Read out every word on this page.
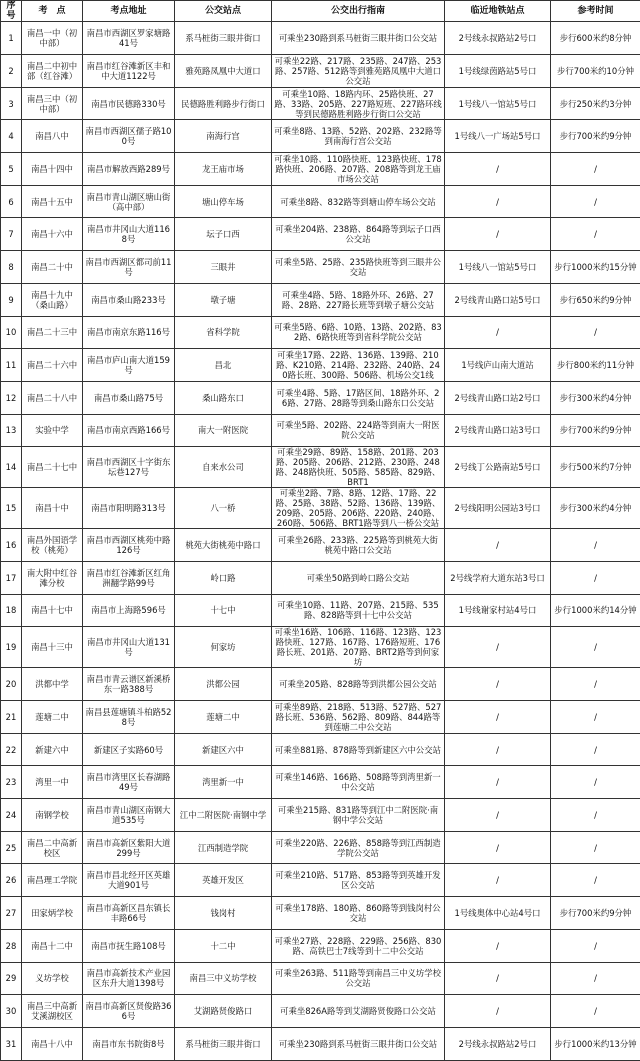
序号	考　点	考点地址	公交站点	公交出行指南	临近地铁站点	参考时间
1	南昌一中（初中部）	南昌市西湖区罗家塘路41号	系马桩街三眼井街口	可乘坐230路到系马桩街三眼井街口公交站	2号线永叔路站2号口	步行600米约8分钟
2	南昌二中初中部（红谷滩）	南昌市红谷滩新区丰和中大道1122号	雅苑路凤凰中大道口	可乘坐22路、217路、235路、247路、253路、257路、512路等到雅苑路凤凰中大道口公交站	1号线绿茵路站5号口	步行700米约10分钟
3	南昌三中（初中部）	南昌市民德路330号	民德路胜利路步行街口	可乘坐10路、18路内环、25路快班、27路、33路、205路、227路短班、227路环线等到民德路胜利路步行街口公交站	1号线八一馆站5号口	步行250米约3分钟
4	南昌八中	南昌市西湖区孺子路100号	南海行宫	可乘坐8路、13路、52路、202路、232路等到南海行宫公交站	1号线八一广场站5号口	步行700米约9分钟
5	南昌十四中	南昌市解放西路289号	龙王庙市场	可乘坐10路、110路快班、123路快班、178路快班、206路、207路、208路等到龙王庙市场公交站	/	/
6	南昌十五中	南昌市青山湖区塘山街（高中部）	塘山停车场	可乘坐8路、832路等到塘山停车场公交站	/	/
7	南昌十六中	南昌市井冈山大道1168号	坛子口西	可乘坐204路、238路、864路等到坛子口西公交站	/	/
8	南昌二十中	南昌市西湖区都司前11号	三眼井	可乘坐5路、25路、235路快班等到三眼井公交站	1号线八一馆站5号口	步行1000米约15分钟
9	南昌十九中（桑山路）	南昌市桑山路233号	墩子塘	可乘坐4路、5路、18路外环、26路、27路、28路、227路长班等到墩子塘公交站	2号线青山路口站5号口	步行650米约9分钟
10	南昌二十三中	南昌市南京东路116号	省科学院	可乘坐5路、6路、10路、13路、202路、832路、6路快班等到省科学院公交站	/	/
11	南昌二十六中	南昌市庐山南大道159号	昌北	可乘坐17路、22路、136路、139路、210路、K210路、214路、232路、240路、240路长班、300路、506路、机场公交1线	1号线庐山南大道站	步行800米约11分钟
12	南昌二十八中	南昌市桑山路75号	桑山路东口	可乘坐4路、5路、17路区间、18路外环、26路、27路、28路等到桑山路东口公交站	2号线青山路口站2号口	步行300米约4分钟
13	实验中学	南昌市南京西路166号	南大一附医院	可乘坐5路、202路、224路等到南大一附医院公交站	2号线青山路口站3号口	步行700米约9分钟
14	南昌二十七中	南昌市西湖区十字街东坛巷127号	自来水公司	可乘坐29路、89路、158路、201路、203路、205路、206路、212路、230路、248路、248路快班、505路、585路、829路、BRT1	2号线丁公路南站5号口	步行500米约7分钟
15	南昌十中	南昌市阳明路313号	八一桥	可乘坐2路、7路、8路、12路、17路、22路、25路、38路、52路、136路、139路、209路、205路、206路、220路、240路、260路、506路、BRT1路等到八一桥公交站	2号线阳明公园站3号口	步行300米约4分钟
16	南昌外国语学校（桃苑）	南昌市西湖区桃苑中路126号	桃苑大街桃苑中路口	可乘坐26路、233路、225路等到桃苑大街桃苑中路口公交站	/	/
17	南大附中红谷滩分校	南昌市红谷滩新区红角洲翻学路99号	岭口路	可乘坐50路到岭口路公交站	2号线学府大道东站3号口	/
18	南昌十七中	南昌市上海路596号	十七中	可乘坐10路、11路、207路、215路、535路、828路等到十七中公交站	1号线谢家村站4号口	步行1000米约14分钟
19	南昌十三中	南昌市井冈山大道131号	何家坊	可乘坐16路、106路、116路、123路、123路快班、127路、167路、176路短班、176路长班、201路、207路、BRT2路等到何家坊	/	/
20	洪都中学	南昌市青云谱区新溪桥东一路388号	洪都公园	可乘坐205路、828路等到洪都公园公交站	/	/
21	莲塘二中	南昌县莲塘镇斗柏路528号	莲塘二中	可乘坐89路、218路、513路、527路、527路长班、536路、562路、809路、844路等到莲塘二中公交站	/	/
22	新建六中	新建区子实路60号	新建区六中	可乘坐881路、878路等到新建区六中公交站	/	/
23	湾里一中	南昌市湾里区长春湖路49号	湾里新一中	可乘坐146路、166路、508路等到湾里新一中公交站	/	/
24	南钢学校	南昌市青山湖区南钢大道535号	江中二附医院·南钢中学	可乘坐215路、831路等到江中二附医院·南钢中学公交站	/	/
25	南昌二中高新校区	南昌市高新区紫阳大道299号	江西制造学院	可乘坐220路、226路、858路等到江西制造学院公交站	/	/
26	南昌理工学院	南昌市昌北经开区英雄大道901号	英雄开发区	可乘坐210路、517路、853路等到英雄开发区公交站	/	/
27	田家炳学校	南昌市高新区昌东镇长丰路66号	钱岗村	可乘坐178路、180路、860路等到钱岗村公交站	1号线奥体中心站4号口	步行700米约9分钟
28	南昌十二中	南昌市抚生路108号	十二中	可乘坐27路、228路、229路、256路、830路、高铁巴士7线等到十二中公交站	/	/
29	义坊学校	南昌市高新技术产业园区东升大道1398号	南昌三中义坊学校	可乘坐263路、511路等到南昌三中义坊学校公交站	/	/
30	南昌三中高新艾溪湖校区	南昌市高新区贤俊路366号	艾湖路贤俊路口	可乘坐826A路等到艾湖路贤俊路口公交站	/	/
31	南昌十八中	南昌市东书院街8号	系马桩街三眼井街口	可乘坐230路到系马桩街三眼井街口公交站	2号线永叔路站2号口	步行1000米约13分钟
